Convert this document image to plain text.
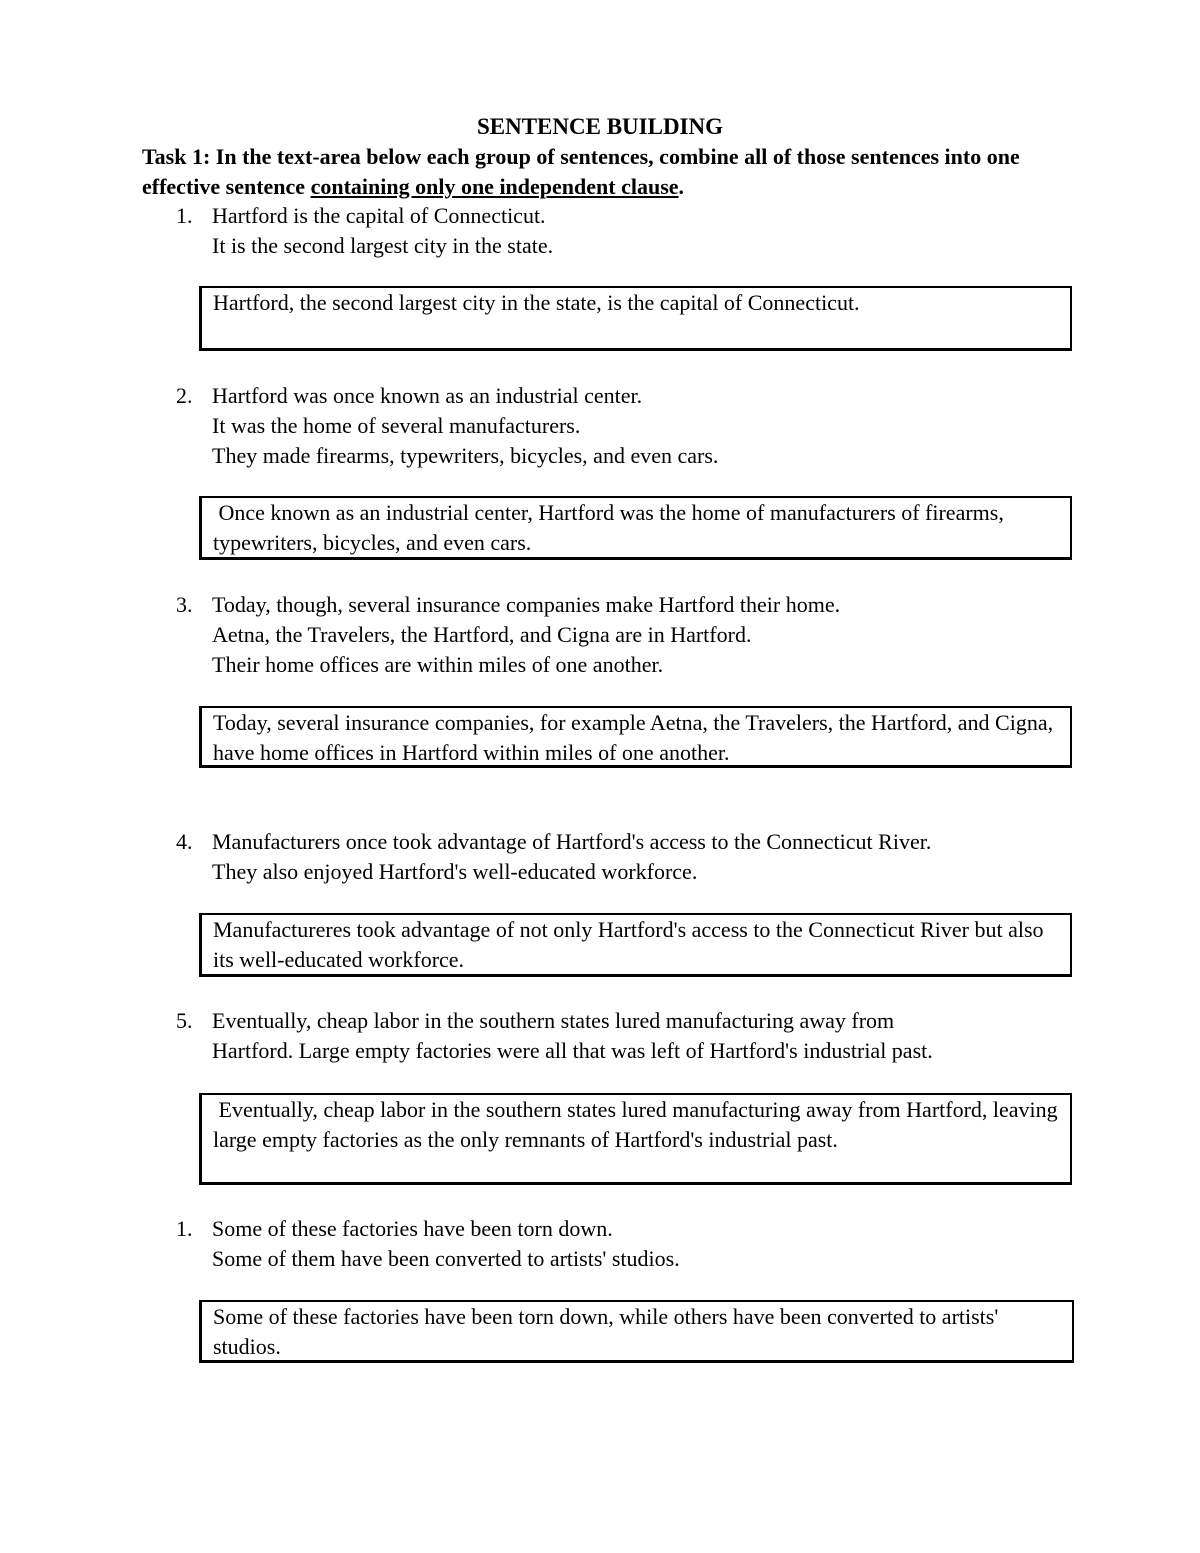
SENTENCE BUILDING
Task 1: In the text-area below each group of sentences, combine all of those sentences into one effective sentence containing only one independent clause.
1. Hartford is the capital of Connecticut.
It is the second largest city in the state.
Hartford, the second largest city in the state, is the capital of Connecticut.
2. Hartford was once known as an industrial center.
It was the home of several manufacturers.
They made firearms, typewriters, bicycles, and even cars.
Once known as an industrial center, Hartford was the home of manufacturers of firearms, typewriters, bicycles, and even cars.
3. Today, though, several insurance companies make Hartford their home.
Aetna, the Travelers, the Hartford, and Cigna are in Hartford.
Their home offices are within miles of one another.
Today, several insurance companies, for example Aetna, the Travelers, the Hartford, and Cigna, have home offices in Hartford within miles of one another.
4. Manufacturers once took advantage of Hartford's access to the Connecticut River.
They also enjoyed Hartford's well-educated workforce.
Manufactureres took advantage of not only Hartford's access to the Connecticut River but also its well-educated workforce.
5. Eventually, cheap labor in the southern states lured manufacturing away from
Hartford. Large empty factories were all that was left of Hartford's industrial past.
Eventually, cheap labor in the southern states lured manufacturing away from Hartford, leaving large empty factories as the only remnants of Hartford's industrial past.
1. Some of these factories have been torn down.
Some of them have been converted to artists' studios.
Some of these factories have been torn down, while others have been converted to artists' studios.
